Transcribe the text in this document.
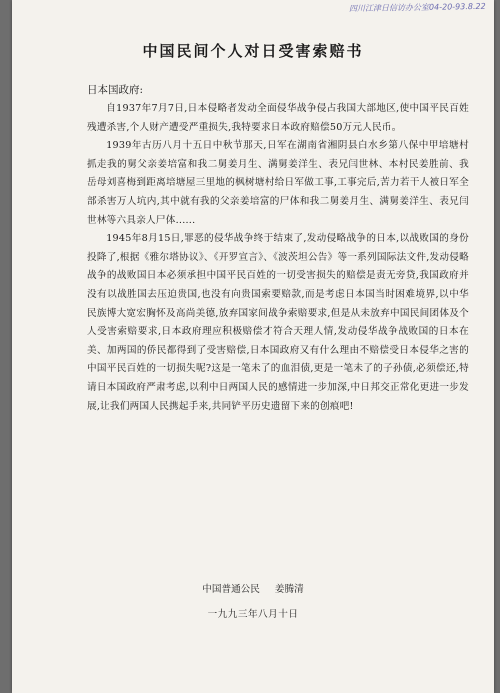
四川江津日信访办公室04-20-93.8.22
中国民间个人对日受害索赔书
日本国政府:

自1937年7月7日,日本侵略者发动全面侵华战争侵占我国大部地区,使中国平民百姓残遭杀害,个人财产遭受严重损失,我特要求日本政府赔偿50万元人民币。

1939年古历八月十五日中秋节那天,日军在湖南省湘阴县白水乡第八保中甲培塘村抓走我的舅父亲姜培富和我二舅姜月生、满舅姜洋生、表兄闫世林、本村民姜胜前、我岳母刘喜梅到距离培塘屋三里地的枫树塘村给日军做工事,工事完后,苦力若干人被日军全部杀害万人坑内,其中就有我的父亲姜培富的尸体和我二舅姜月生、满舅姜洋生、表兄闫世林等六具亲人尸体......

1945年8月15日,罪恶的侵华战争终于结束了,发动侵略战争的日本,以战败国的身份投降了,根据《雅尔塔协议》、《开罗宣言》、《波茨坦公告》等一系列国际法文件,发动侵略战争的战败国日本必须承担中国平民百姓的一切受害损失的赔偿是责无旁贷,我国政府并没有以战胜国去压迫贵国,也没有向贵国索要赔款,而是考虑日本国当时困难境界,以中华民族博大宽宏胸怀及高尚美德,放弃国家间战争索赔要求,但是从未放弃中国民间团体及个人受害索赔要求,日本政府理应积极赔偿才符合天理人情,发动侵华战争战败国的日本在美、加两国的侨民都得到了受害赔偿,日本国政府又有什么理由不赔偿受日本侵华之害的中国平民百姓的一切损失呢?这是一笔未了的血泪债,更是一笔未了的子孙债,必须偿还,特请日本国政府严肃考虑,以利中日两国人民的感情进一步加深,中日邦交正常化更进一步发展,让我们两国人民携起手来,共同铲平历史遗留下来的创痕吧!

中国普通公民 姜腾清
一九九三年八月十日
